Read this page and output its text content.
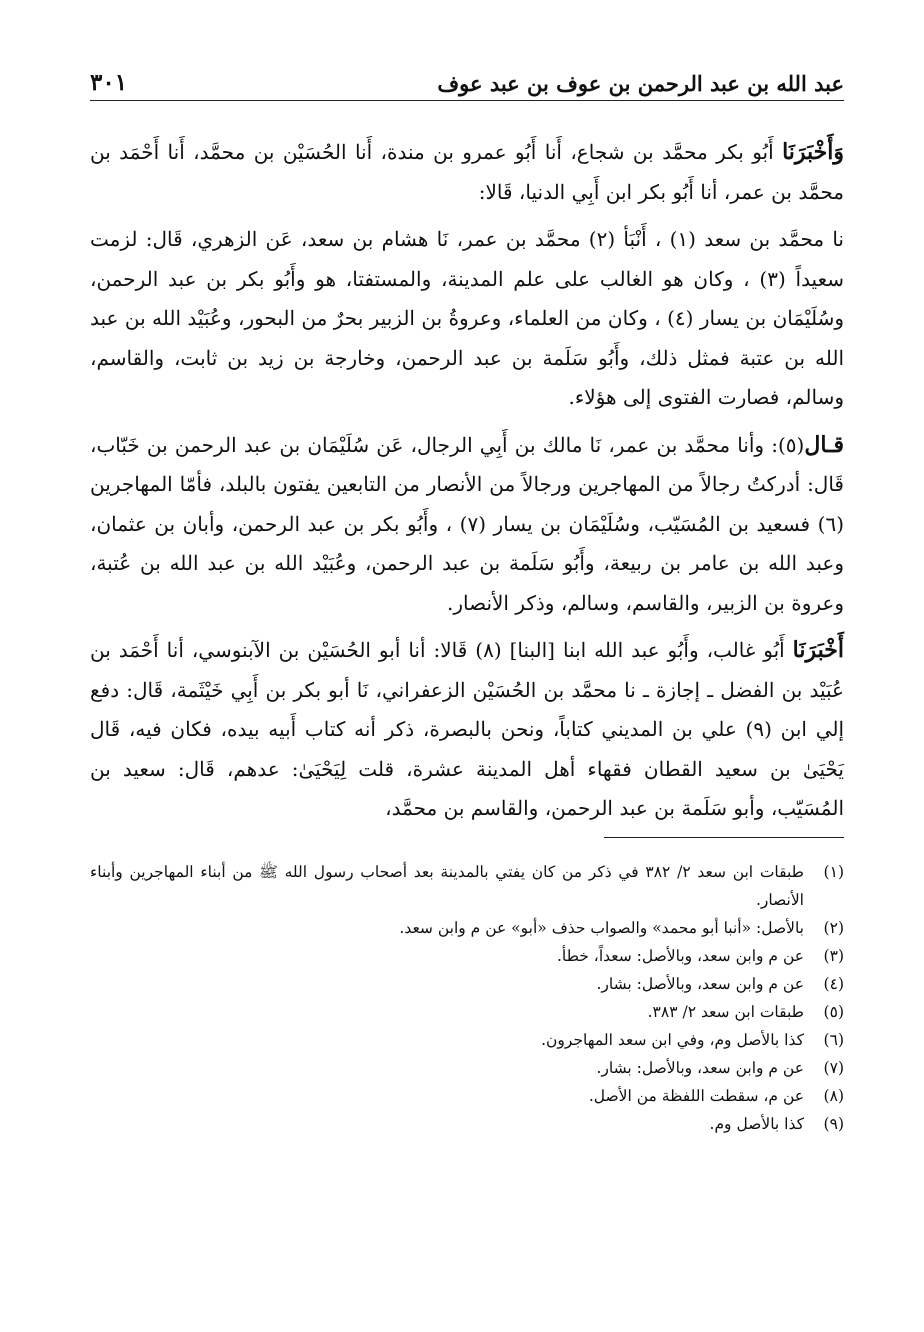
عبد الله بن عبد الرحمن بن عوف بن عبد عوف
٣٠١

وَأَخْبَرَنَا أَبُو بكر محمَّد بن شجاع، أَنا أَبُو عمرو بن مندة، أَنا الحُسَيْن بن محمَّد، أَنا أَحْمَد بن محمَّد بن عمر، أنا أَبُو بكر ابن أَبِي الدنيا، قَالا:

نا محمَّد بن سعد (١) ، أَنْبَأ (٢) محمَّد بن عمر، نَا هشام بن سعد، عَن الزهري، قَال: لزمت سعيداً (٣) ، وكان هو الغالب على علم المدينة، والمستفتا، هو وأَبُو بكر بن عبد الرحمن، وسُلَيْمَان بن يسار (٤) ، وكان من العلماء، وعروةُ بن الزبير بحرٌ من البحور، وعُبَيْد الله بن عبد الله بن عتبة فمثل ذلك، وأَبُو سَلَمة بن عبد الرحمن، وخارجة بن زيد بن ثابت، والقاسم، وسالم، فصارت الفتوى إلى هؤلاء.

قـال(٥): وأنا محمَّد بن عمر، نَا مالك بن أَبِي الرجال، عَن سُلَيْمَان بن عبد الرحمن بن خَبّاب، قَال: أدركتُ رجالاً من المهاجرين ورجالاً من الأنصار من التابعين يفتون بالبلد، فأمّا المهاجرين (٦) فسعيد بن المُسَيّب، وسُلَيْمَان بن يسار (٧) ، وأَبُو بكر بن عبد الرحمن، وأبان بن عثمان، وعبد الله بن عامر بن ربيعة، وأَبُو سَلَمة بن عبد الرحمن، وعُبَيْد الله بن عبد الله بن عُتبة، وعروة بن الزبير، والقاسم، وسالم، وذكر الأنصار.

أَخْبَرَنَا أَبُو غالب، وأَبُو عبد الله ابنا [البنا] (٨) قَالا: أنا أبو الحُسَيْن بن الآبنوسي، أنا أَحْمَد بن عُبَيْد بن الفضل ـ إجازة ـ نا محمَّد بن الحُسَيْن الزعفراني، نَا أبو بكر بن أَبِي خَيْثَمة، قَال: دفع إلي ابن (٩) علي بن المديني كتاباً، ونحن بالبصرة، ذكر أنه كتاب أَبيه بيده، فكان فيه، قَال يَحْيَىٰ بن سعيد القطان فقهاء أهل المدينة عشرة، قلت لِيَحْيَىٰ: عدهم، قَال: سعيد بن المُسَيّب، وأبو سَلَمة بن عبد الرحمن، والقاسم بن محمَّد،

(١)
طبقات ابن سعد ٢/ ٣٨٢ في ذكر من كان يفتي بالمدينة بعد أصحاب رسول الله ﷺ من أبناء المهاجرين وأبناء الأنصار.
(٢)
بالأصل: «أنبا أبو محمد» والصواب حذف «أبو» عن م وابن سعد.
(٣)
عن م وابن سعد، وبالأصل: سعداً، خطأ.
(٤)
عن م وابن سعد، وبالأصل: بشار.
(٥)
طبقات ابن سعد ٢/ ٣٨٣.
(٦)
كذا بالأصل وم، وفي ابن سعد المهاجرون.
(٧)
عن م وابن سعد، وبالأصل: بشار.
(٨)
عن م، سقطت اللفظة من الأصل.
(٩)
كذا بالأصل وم.
